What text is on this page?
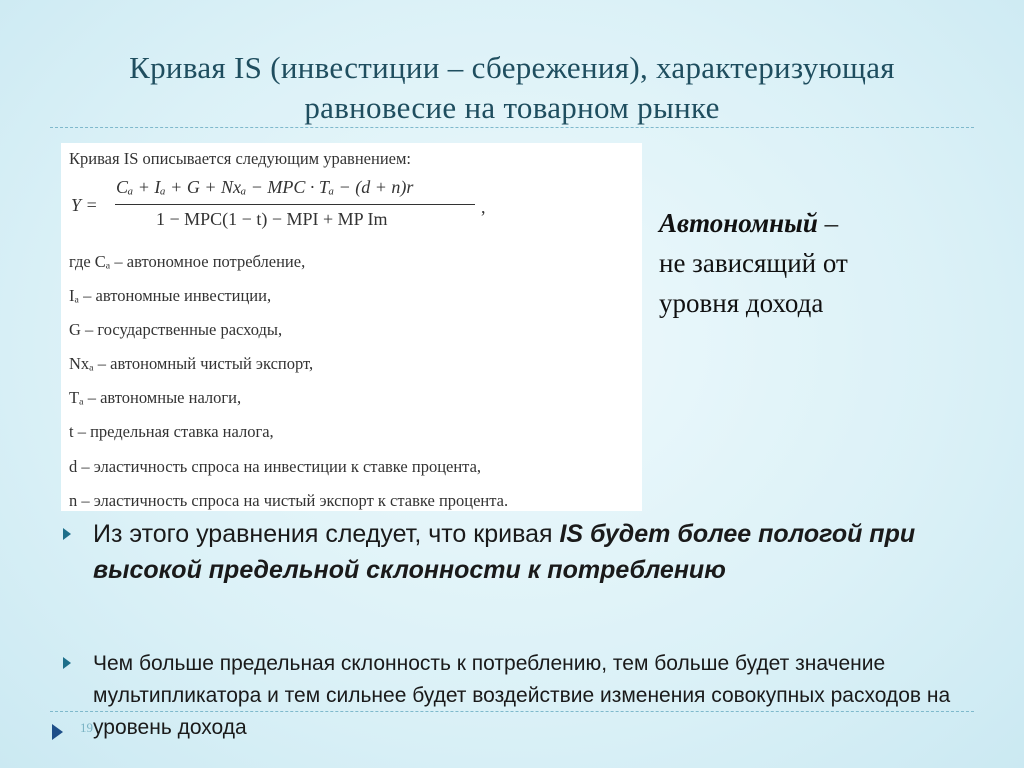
Кривая IS (инвестиции – сбережения), характеризующая
равновесие на товарном рынке
Кривая IS описывается следующим уравнением:
Y =
Cₐ + Iₐ + G + Nxₐ − MPC · Tₐ − (d + n)r
1 − MPC(1 − t) − MPI + MP Im
,
где Cₐ – автономное потребление,
Iₐ – автономные инвестиции,
G – государственные расходы,
Nxₐ – автономный чистый экспорт,
Tₐ – автономные налоги,
t – предельная ставка налога,
d – эластичность спроса на инвестиции к ставке процента,
n – эластичность спроса на чистый экспорт к ставке процента.
Автономный –
не зависящий от
уровня дохода
Из этого уравнения следует, что кривая IS будет более пологой при высокой предельной склонности к потреблению
Чем больше предельная склонность к потреблению, тем больше будет значение мультипликатора и тем сильнее будет воздействие изменения совокупных расходов на уровень дохода
19
